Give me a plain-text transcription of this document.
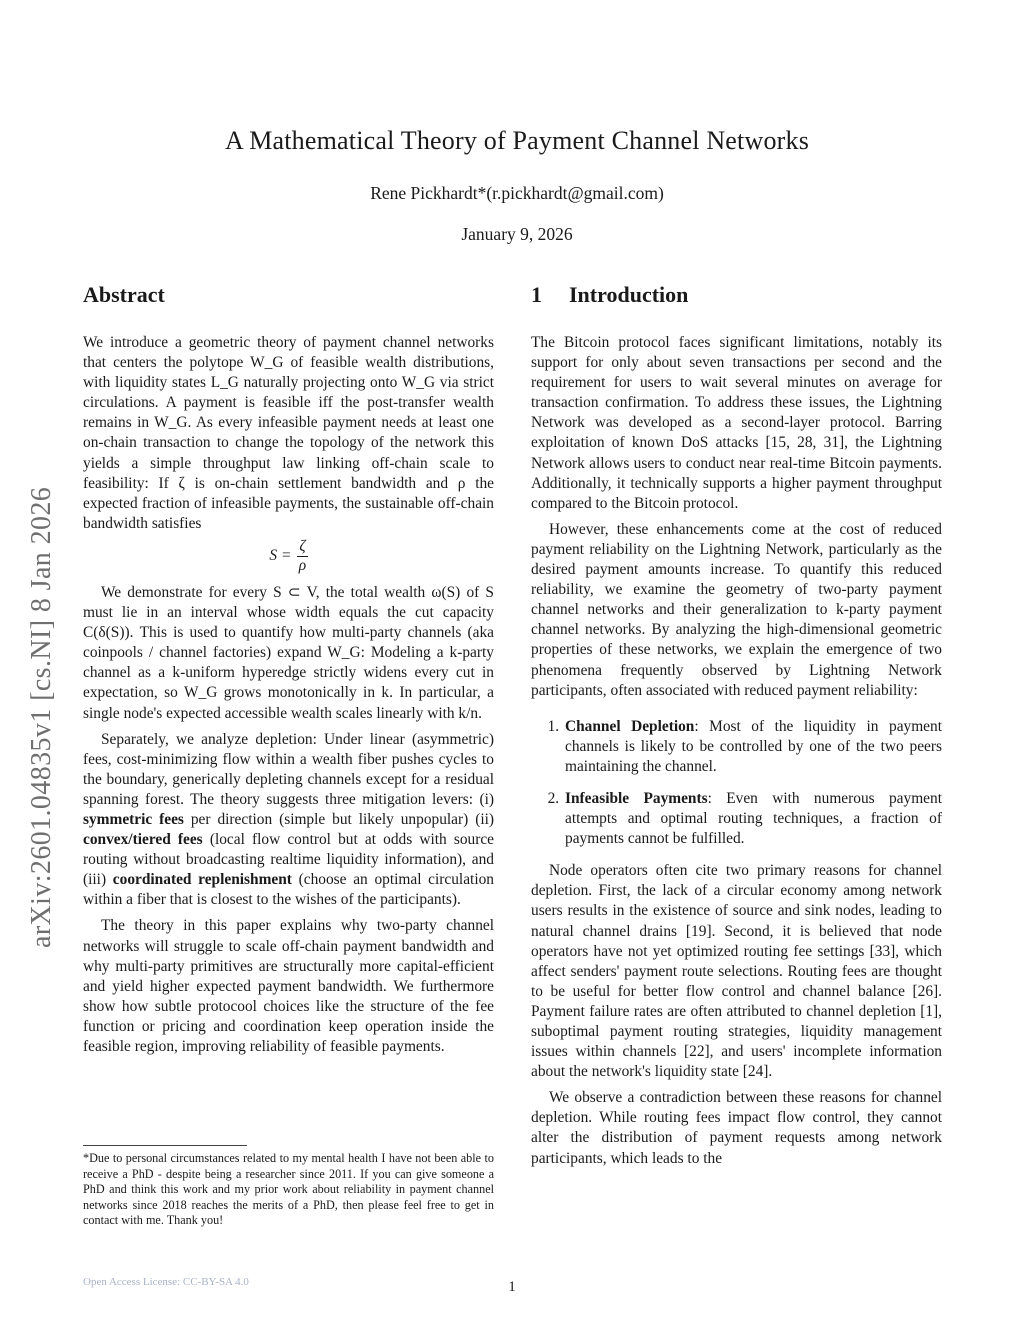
arXiv:2601.04835v1 [cs.NI] 8 Jan 2026
A Mathematical Theory of Payment Channel Networks
Rene Pickhardt*(r.pickhardt@gmail.com)
January 9, 2026
Abstract

We introduce a geometric theory of payment channel networks that centers the polytope W_G of feasible wealth distributions, with liquidity states L_G naturally projecting onto W_G via strict circulations. A payment is feasible iff the post-transfer wealth remains in W_G. As every infeasible payment needs at least one on-chain transaction to change the topology of the network this yields a simple throughput law linking off-chain scale to feasibility: If ζ is on-chain settlement bandwidth and ρ the expected fraction of infeasible payments, the sustainable off-chain bandwidth satisfies

$S = \frac{\zeta}{\rho}$

We demonstrate for every S ⊂ V, the total wealth ω(S) of S must lie in an interval whose width equals the cut capacity C(δ(S)). This is used to quantify how multi-party channels (aka coinpools / channel factories) expand W_G: Modeling a k-party channel as a k-uniform hyperedge strictly widens every cut in expectation, so W_G grows monotonically in k. In particular, a single node's expected accessible wealth scales linearly with k/n.

Separately, we analyze depletion: Under linear (asymmetric) fees, cost-minimizing flow within a wealth fiber pushes cycles to the boundary, generically depleting channels except for a residual spanning forest. The theory suggests three mitigation levers: (i) symmetric fees per direction (simple but likely unpopular) (ii) convex/tiered fees (local flow control but at odds with source routing without broadcasting realtime liquidity information), and (iii) coordinated replenishment (choose an optimal circulation within a fiber that is closest to the wishes of the participants).

The theory in this paper explains why two-party channel networks will struggle to scale off-chain payment bandwidth and why multi-party primitives are structurally more capital-efficient and yield higher expected payment bandwidth. We furthermore show how subtle protocool choices like the structure of the fee function or pricing and coordination keep operation inside the feasible region, improving reliability of feasible payments.

1 Introduction

The Bitcoin protocol faces significant limitations, notably its support for only about seven transactions per second and the requirement for users to wait several minutes on average for transaction confirmation. To address these issues, the Lightning Network was developed as a second-layer protocol. Barring exploitation of known DoS attacks [15, 28, 31], the Lightning Network allows users to conduct near real-time Bitcoin payments. Additionally, it technically supports a higher payment throughput compared to the Bitcoin protocol.

However, these enhancements come at the cost of reduced payment reliability on the Lightning Network, particularly as the desired payment amounts increase. To quantify this reduced reliability, we examine the geometry of two-party payment channel networks and their generalization to k-party payment channel networks. By analyzing the high-dimensional geometric properties of these networks, we explain the emergence of two phenomena frequently observed by Lightning Network participants, often associated with reduced payment reliability:

1. Channel Depletion: Most of the liquidity in payment channels is likely to be controlled by one of the two peers maintaining the channel.
2. Infeasible Payments: Even with numerous payment attempts and optimal routing techniques, a fraction of payments cannot be fulfilled.

Node operators often cite two primary reasons for channel depletion. First, the lack of a circular economy among network users results in the existence of source and sink nodes, leading to natural channel drains [19]. Second, it is believed that node operators have not yet optimized routing fee settings [33], which affect senders' payment route selections. Routing fees are thought to be useful for better flow control and channel balance [26]. Payment failure rates are often attributed to channel depletion [1], suboptimal payment routing strategies, liquidity management issues within channels [22], and users' incomplete information about the network's liquidity state [24].

We observe a contradiction between these reasons for channel depletion. While routing fees impact flow control, they cannot alter the distribution of payment requests among network participants, which leads to the

*Due to personal circumstances related to my mental health I have not been able to receive a PhD - despite being a researcher since 2011. If you can give someone a PhD and think this work and my prior work about reliability in payment channel networks since 2018 reaches the merits of a PhD, then please feel free to get in contact with me. Thank you!
Open Access License: CC-BY-SA 4.0	1
